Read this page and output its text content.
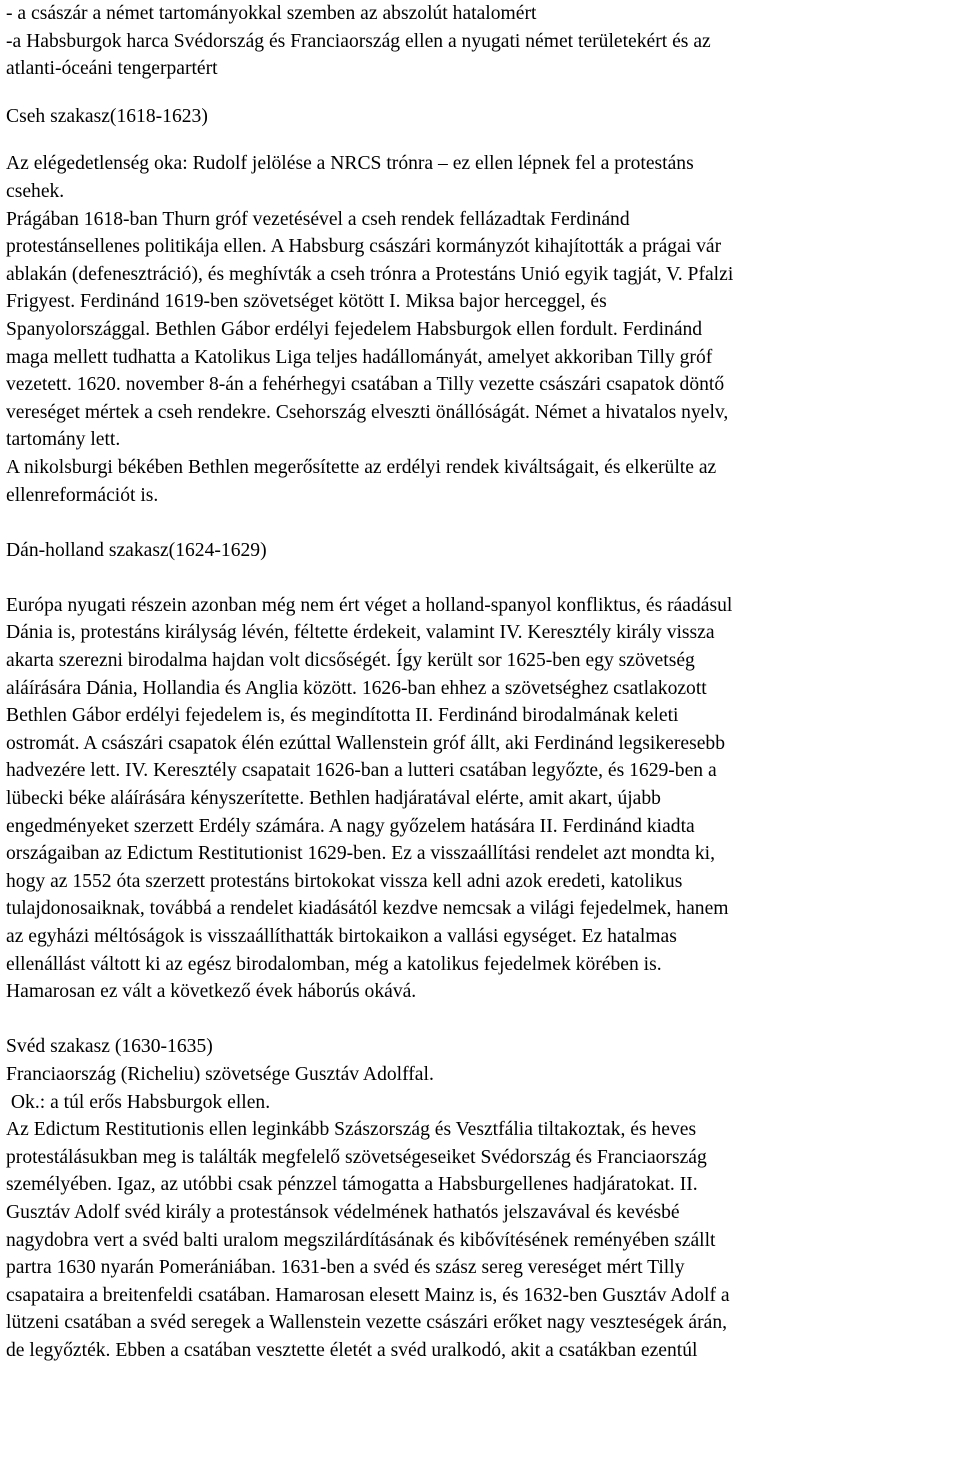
- a császár a német tartományokkal szemben az abszolút hatalomért
-a Habsburgok harca Svédország és Franciaország ellen a nyugati német területekért és az
atlanti-óceáni tengerpartért
Cseh szakasz(1618-1623)
Az elégedetlenség oka: Rudolf jelölése a NRCS trónra – ez ellen lépnek fel a protestáns
csehek.
Prágában 1618-ban Thurn gróf vezetésével a cseh rendek fellázadtak Ferdinánd
protestánsellenes politikája ellen. A Habsburg császári kormányzót kihajították a prágai vár
ablakán (defenesztráció), és meghívták a cseh trónra a Protestáns Unió egyik tagját, V. Pfalzi
Frigyest. Ferdinánd 1619-ben szövetséget kötött I. Miksa bajor herceggel, és
Spanyolországgal. Bethlen Gábor erdélyi fejedelem Habsburgok ellen fordult. Ferdinánd
maga mellett tudhatta a Katolikus Liga teljes hadállományát, amelyet akkoriban Tilly gróf
vezetett. 1620. november 8-án a fehérhegyi csatában a Tilly vezette császári csapatok döntő
vereséget mértek a cseh rendekre. Csehország elveszti önállóságát. Német a hivatalos nyelv,
tartomány lett.
A nikolsburgi békében Bethlen megerősítette az erdélyi rendek kiváltságait, és elkerülte az
ellenreformációt is.
Dán-holland szakasz(1624-1629)
Európa nyugati részein azonban még nem ért véget a holland-spanyol konfliktus, és ráadásul
Dánia is, protestáns királyság lévén, féltette érdekeit, valamint IV. Keresztély király vissza
akarta szerezni birodalma hajdan volt dicsőségét. Így került sor 1625-ben egy szövetség
aláírására Dánia, Hollandia és Anglia között. 1626-ban ehhez a szövetséghez csatlakozott
Bethlen Gábor erdélyi fejedelem is, és megindította II. Ferdinánd birodalmának keleti
ostromát. A császári csapatok élén ezúttal Wallenstein gróf állt, aki Ferdinánd legsikeresebb
hadvezére lett. IV. Keresztély csapatait 1626-ban a lutteri csatában legyőzte, és 1629-ben a
lübecki béke aláírására kényszerítette. Bethlen hadjáratával elérte, amit akart, újabb
engedményeket szerzett Erdély számára. A nagy győzelem hatására II. Ferdinánd kiadta
országaiban az Edictum Restitutionist 1629-ben. Ez a visszaállítási rendelet azt mondta ki,
hogy az 1552 óta szerzett protestáns birtokokat vissza kell adni azok eredeti, katolikus
tulajdonosaiknak, továbbá a rendelet kiadásától kezdve nemcsak a világi fejedelmek, hanem
az egyházi méltóságok is visszaállíthatták birtokaikon a vallási egységet. Ez hatalmas
ellenállást váltott ki az egész birodalomban, még a katolikus fejedelmek körében is.
Hamarosan ez vált a következő évek háborús okává.
Svéd szakasz (1630-1635)
Franciaország (Richeliu) szövetsége Gusztáv Adolffal.
Ok.: a túl erős Habsburgok ellen.
Az Edictum Restitutionis ellen leginkább Szászország és Vesztfália tiltakoztak, és heves
protestálásukban meg is találták megfelelő szövetségeseiket Svédország és Franciaország
személyében. Igaz, az utóbbi csak pénzzel támogatta a Habsburgellenes hadjáratokat. II.
Gusztáv Adolf svéd király a protestánsok védelmének hathatós jelszavával és kevésbé
nagydobra vert a svéd balti uralom megszilárdításának és kibővítésének reményében szállt
partra 1630 nyarán Pomerániában. 1631-ben a svéd és szász sereg vereséget mért Tilly
csapataira a breitenfeldi csatában. Hamarosan elesett Mainz is, és 1632-ben Gusztáv Adolf a
lützeni csatában a svéd seregek a Wallenstein vezette császári erőket nagy veszteségek árán,
de legyőzték. Ebben a csatában vesztette életét a svéd uralkodó, akit a csatákban ezentúl
